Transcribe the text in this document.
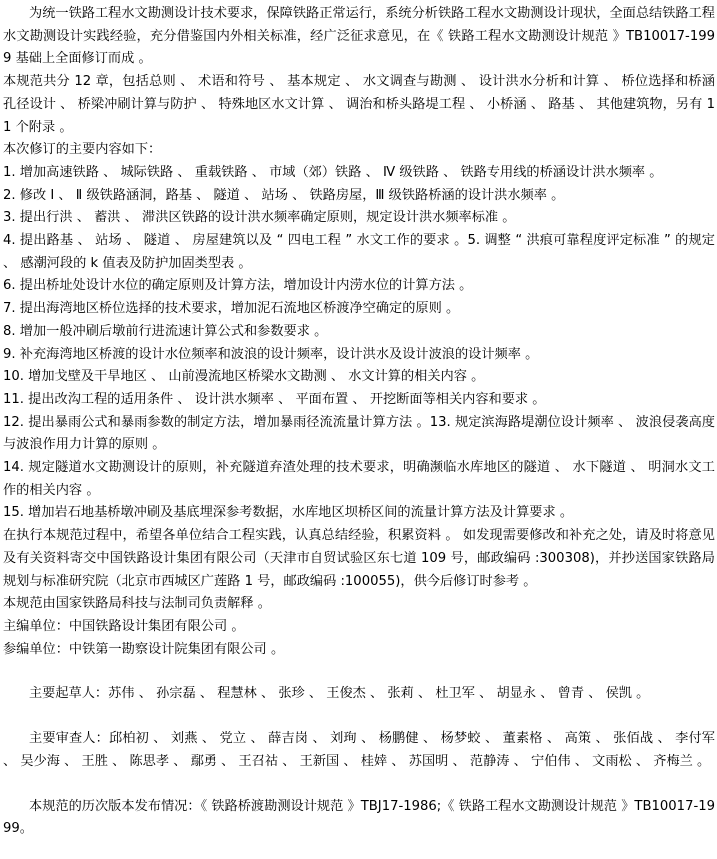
为统一铁路工程水文勘测设计技术要求，保障铁路正常运行，系统分析铁路工程水文勘测设计现状，全面总结铁路工程水文勘测设计实践经验，充分借鉴国内外相关标准，经广泛征求意见，在《 铁路工程水文勘测设计规范 》TB10017-1999 基础上全面修订而成 。

本规范共分 12 章，包括总则 、 术语和符号 、 基本规定 、 水文调查与勘测 、 设计洪水分析和计算 、 桥位选择和桥涵孔径设计 、 桥梁冲刷计算与防护 、 特殊地区水文计算 、 调治和桥头路堤工程 、 小桥涵 、 路基 、 其他建筑物，另有 11 个附录 。

本次修订的主要内容如下：

1. 增加高速铁路 、 城际铁路 、 重载铁路 、 市域（郊）铁路 、 Ⅳ 级铁路 、 铁路专用线的桥涵设计洪水频率 。

2. 修改 Ⅰ 、 Ⅱ 级铁路涵洞，路基 、 隧道 、 站场 、 铁路房屋，Ⅲ 级铁路桥涵的设计洪水频率 。

3. 提出行洪 、 蓄洪 、 滞洪区铁路的设计洪水频率确定原则，规定设计洪水频率标准 。

4. 提出路基 、 站场 、 隧道 、 房屋建筑以及 “ 四电工程 ” 水文工作的要求 。5. 调整 “ 洪痕可靠程度评定标准 ” 的规定 、 感潮河段的 k 值表及防护加固类型表 。

6. 提出桥址处设计水位的确定原则及计算方法，增加设计内涝水位的计算方法 。

7. 提出海湾地区桥位选择的技术要求，增加泥石流地区桥渡净空确定的原则 。

8. 增加一般冲刷后墩前行进流速计算公式和参数要求 。

9. 补充海湾地区桥渡的设计水位频率和波浪的设计频率，设计洪水及设计波浪的设计频率 。

10. 增加戈壁及干旱地区 、 山前漫流地区桥梁水文勘测 、 水文计算的相关内容 。

11. 提出改沟工程的适用条件 、 设计洪水频率 、 平面布置 、 开挖断面等相关内容和要求 。

12. 提出暴雨公式和暴雨参数的制定方法，增加暴雨径流流量计算方法 。13. 规定滨海路堤潮位设计频率 、 波浪侵袭高度与波浪作用力计算的原则 。

14. 规定隧道水文勘测设计的原则，补充隧道弃渣处理的技术要求，明确濒临水库地区的隧道 、 水下隧道 、 明洞水文工作的相关内容 。

15. 增加岩石地基桥墩冲刷及基底埋深参考数据，水库地区坝桥区间的流量计算方法及计算要求 。

在执行本规范过程中，希望各单位结合工程实践，认真总结经验，积累资料 。 如发现需要修改和补充之处，请及时将意见及有关资料寄交中国铁路设计集团有限公司（天津市自贸试验区东七道 109 号，邮政编码 :300308)，并抄送国家铁路局规划与标准研究院（北京市西城区广莲路 1 号，邮政编码 :100055)，供今后修订时参考 。

本规范由国家铁路局科技与法制司负责解释 。

主编单位：中国铁路设计集团有限公司 。

参编单位：中铁第一勘察设计院集团有限公司 。

主要起草人：苏伟 、 孙宗磊 、 程慧林 、 张珍 、 王俊杰 、 张莉 、 杜卫军 、 胡显永 、 曾青 、 侯凯 。

主要审查人：邱柏初 、 刘燕 、 党立 、 薛吉岗 、 刘珣 、 杨鹏健 、 杨梦蛟 、 董素格 、 高策 、 张佰战 、 李付军 、 吴少海 、 王胜 、 陈思孝 、 鄢勇 、 王召祜 、 王新国 、 桂婞 、 苏国明 、 范静涛 、 宁伯伟 、 文雨松 、 齐梅兰 。

本规范的历次版本发布情况：《 铁路桥渡勘测设计规范 》TBJ17-1986;《 铁路工程水文勘测设计规范 》TB10017-1999。
